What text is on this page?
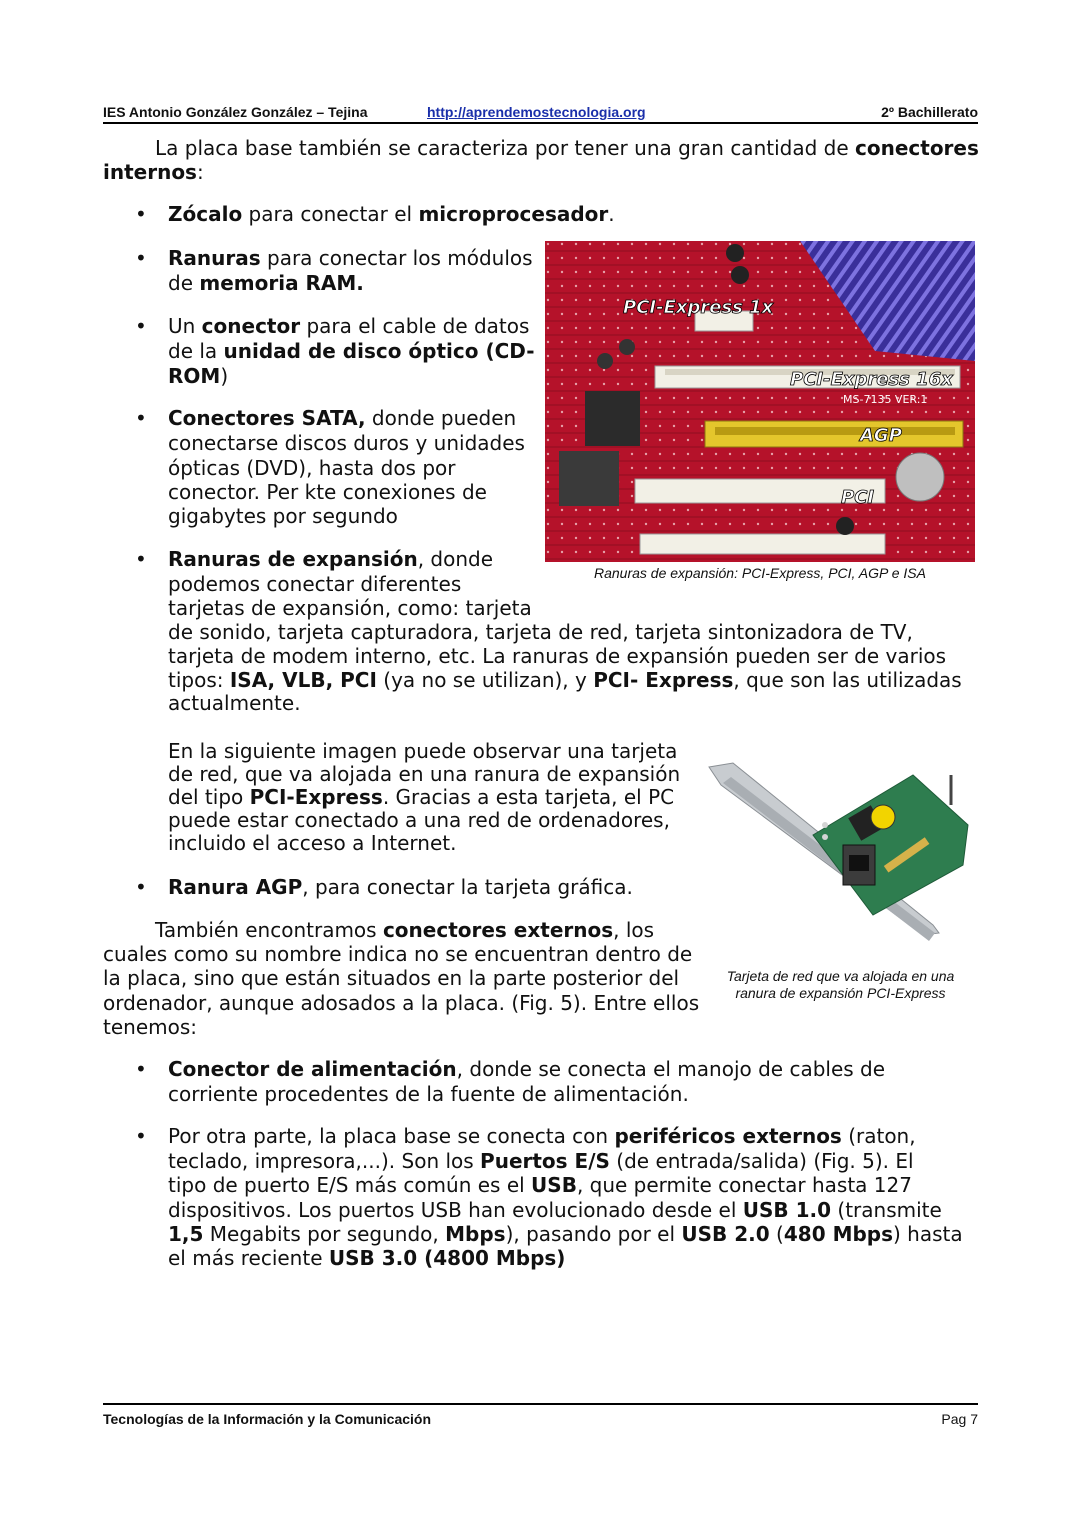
IES Antonio González González – Tejina	http://aprendemostecnologia.org	2º Bachillerato
La placa base también se caracteriza por tener una gran cantidad de conectores
internos:
• Zócalo para conectar el microprocesador.
• Ranuras para conectar los módulos
de memoria RAM.
• Un conector para el cable de datos
de la unidad de disco óptico (CD-
ROM)
• Conectores SATA, donde pueden
conectarse discos duros y unidades
ópticas (DVD), hasta dos por
conector. Per kte conexiones de
gigabytes por segundo
PCI-Express 1x
PCI-Express 16x
AGP
PCI
MS-7135 VER:1
Ranuras de expansión: PCI-Express, PCI, AGP e ISA
• Ranuras de expansión, donde
podemos conectar diferentes
tarjetas de expansión, como: tarjeta
de sonido, tarjeta capturadora, tarjeta de red, tarjeta sintonizadora de TV,
tarjeta de modem interno, etc. La ranuras de expansión pueden ser de varios
tipos: ISA, VLB, PCI (ya no se utilizan), y PCI- Express, que son las utilizadas
actualmente.
En la siguiente imagen puede observar una tarjeta
de red, que va alojada en una ranura de expansión
del tipo PCI-Express. Gracias a esta tarjeta, el PC
puede estar conectado a una red de ordenadores,
incluido el acceso a Internet.
Tarjeta de red que va alojada en una
ranura de expansión PCI-Express
• Ranura AGP, para conectar la tarjeta gráfica.
También encontramos conectores externos, los
cuales como su nombre indica no se encuentran dentro de
la placa, sino que están situados en la parte posterior del
ordenador, aunque adosados a la placa. (Fig. 5). Entre ellos
tenemos:
• Conector de alimentación, donde se conecta el manojo de cables de
corriente procedentes de la fuente de alimentación.
• Por otra parte, la placa base se conecta con periféricos externos (raton,
teclado, impresora,...). Son los Puertos E/S (de entrada/salida) (Fig. 5). El
tipo de puerto E/S más común es el USB, que permite conectar hasta 127
dispositivos. Los puertos USB han evolucionado desde el USB 1.0 (transmite
1,5 Megabits por segundo, Mbps), pasando por el USB 2.0 (480 Mbps) hasta
el más reciente USB 3.0 (4800 Mbps)
Tecnologías de la Información y la Comunicación	Pag 7
